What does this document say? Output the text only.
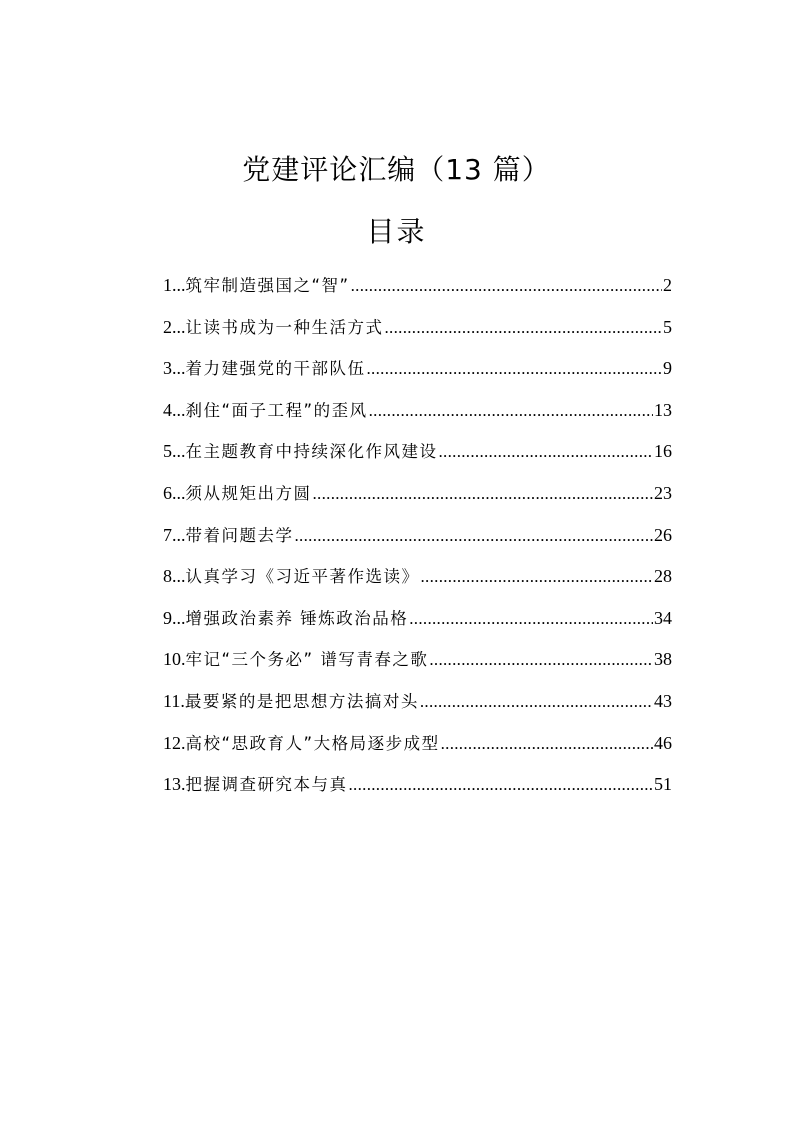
党建评论汇编（13 篇）
目录
1... 筑牢制造强国之“智” .....	2
2... 让读书成为一种生活方式 .....	5
3... 着力建强党的干部队伍 .....	9
4... 刹住“面子工程”的歪风 .....	13
5... 在主题教育中持续深化作风建设 .....	16
6... 须从规矩出方圆 .....	23
7... 带着问题去学 .....	26
8... 认真学习《习近平著作选读》 .....	28
9... 增强政治素养 锤炼政治品格 .....	34
10. 牢记“三个务必” 谱写青春之歌 .....	38
11. 最要紧的是把思想方法搞对头 .....	43
12. 高校“思政育人”大格局逐步成型 .....	46
13. 把握调查研究本与真 .....	51
